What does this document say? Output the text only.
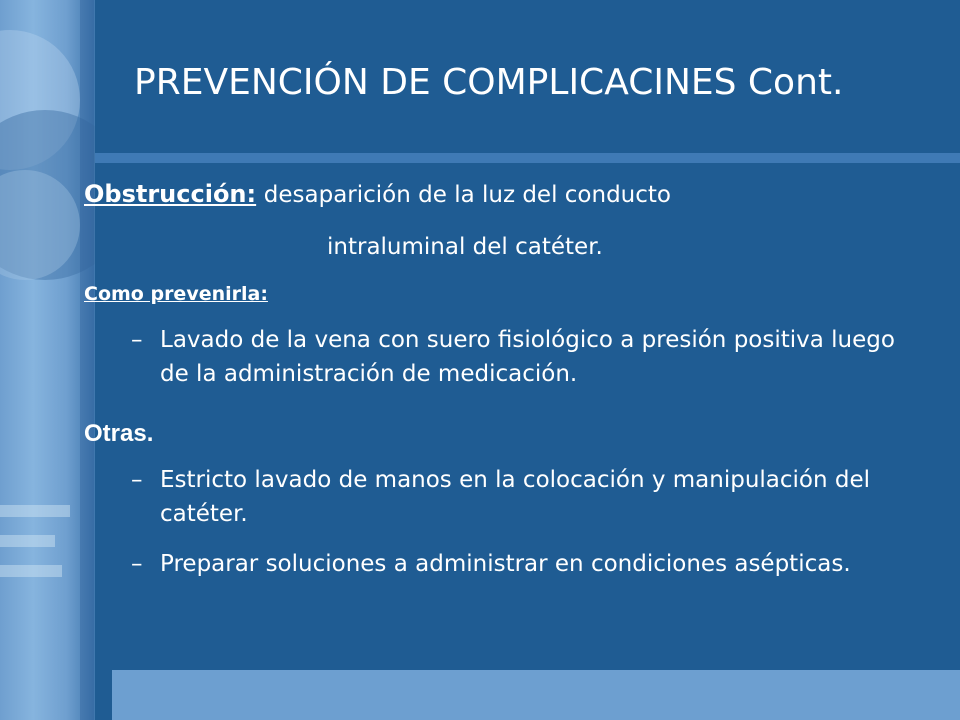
PREVENCIÓN DE COMPLICACINES Cont.
Obstrucción: desaparición de la luz del conducto
intraluminal del catéter.
Como prevenirla:
– Lavado de la vena con suero fisiológico a presión positiva luego de la administración de medicación.
Otras.
– Estricto lavado de manos en la colocación y manipulación del catéter.
– Preparar soluciones a administrar en condiciones asépticas.
